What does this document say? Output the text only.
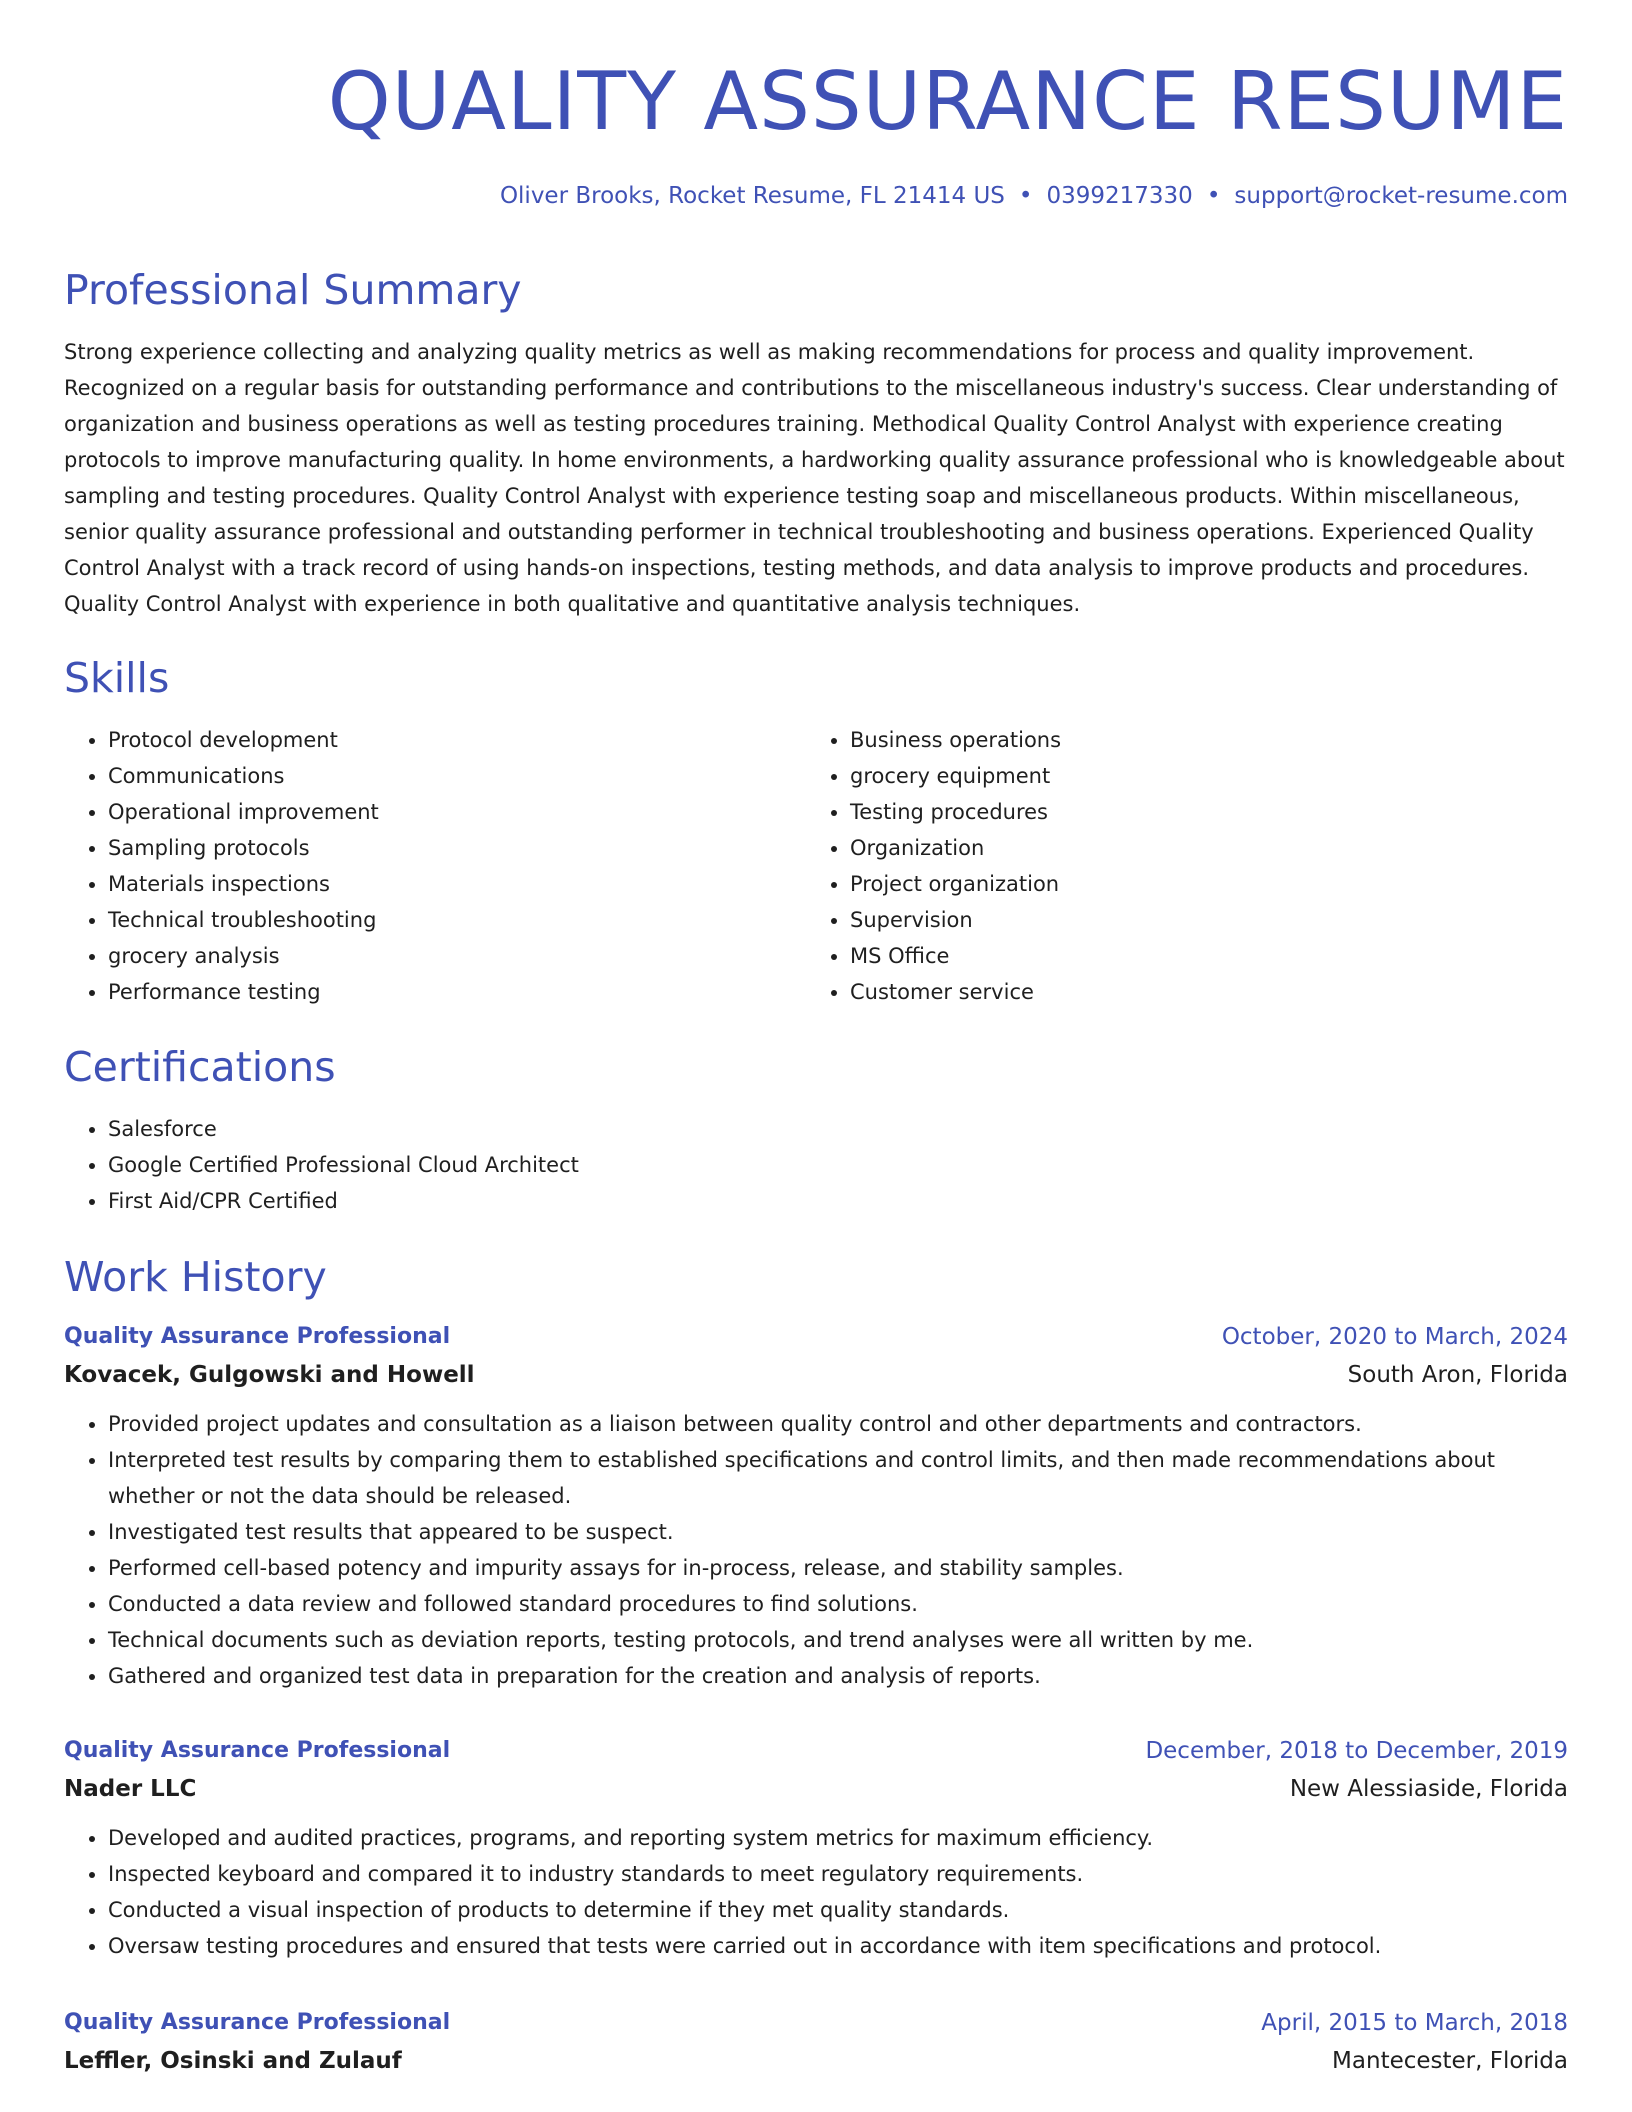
QUALITY ASSURANCE RESUME
Oliver Brooks, Rocket Resume, FL 21414 US • 0399217330 • support@rocket-resume.com
Professional Summary

Strong experience collecting and analyzing quality metrics as well as making recommendations for process and quality improvement. Recognized on a regular basis for outstanding performance and contributions to the miscellaneous industry's success. Clear understanding of organization and business operations as well as testing procedures training. Methodical Quality Control Analyst with experience creating protocols to improve manufacturing quality. In home environments, a hardworking quality assurance professional who is knowledgeable about sampling and testing procedures. Quality Control Analyst with experience testing soap and miscellaneous products. Within miscellaneous, senior quality assurance professional and outstanding performer in technical troubleshooting and business operations. Experienced Quality Control Analyst with a track record of using hands-on inspections, testing methods, and data analysis to improve products and procedures. Quality Control Analyst with experience in both qualitative and quantitative analysis techniques.

Skills
• Protocol development
• Communications
• Operational improvement
• Sampling protocols
• Materials inspections
• Technical troubleshooting
• grocery analysis
• Performance testing
• Business operations
• grocery equipment
• Testing procedures
• Organization
• Project organization
• Supervision
• MS Office
• Customer service
Certifications
• Salesforce
• Google Certified Professional Cloud Architect
• First Aid/CPR Certified
Work History
Quality Assurance Professional	October, 2020 to March, 2024
Kovacek, Gulgowski and Howell	South Aron, Florida
• Provided project updates and consultation as a liaison between quality control and other departments and contractors.
• Interpreted test results by comparing them to established specifications and control limits, and then made recommendations about whether or not the data should be released.
• Investigated test results that appeared to be suspect.
• Performed cell-based potency and impurity assays for in-process, release, and stability samples.
• Conducted a data review and followed standard procedures to find solutions.
• Technical documents such as deviation reports, testing protocols, and trend analyses were all written by me.
• Gathered and organized test data in preparation for the creation and analysis of reports.
Quality Assurance Professional	December, 2018 to December, 2019
Nader LLC	New Alessiaside, Florida
• Developed and audited practices, programs, and reporting system metrics for maximum efficiency.
• Inspected keyboard and compared it to industry standards to meet regulatory requirements.
• Conducted a visual inspection of products to determine if they met quality standards.
• Oversaw testing procedures and ensured that tests were carried out in accordance with item specifications and protocol.
Quality Assurance Professional	April, 2015 to March, 2018
Leffler, Osinski and Zulauf	Mantecester, Florida
